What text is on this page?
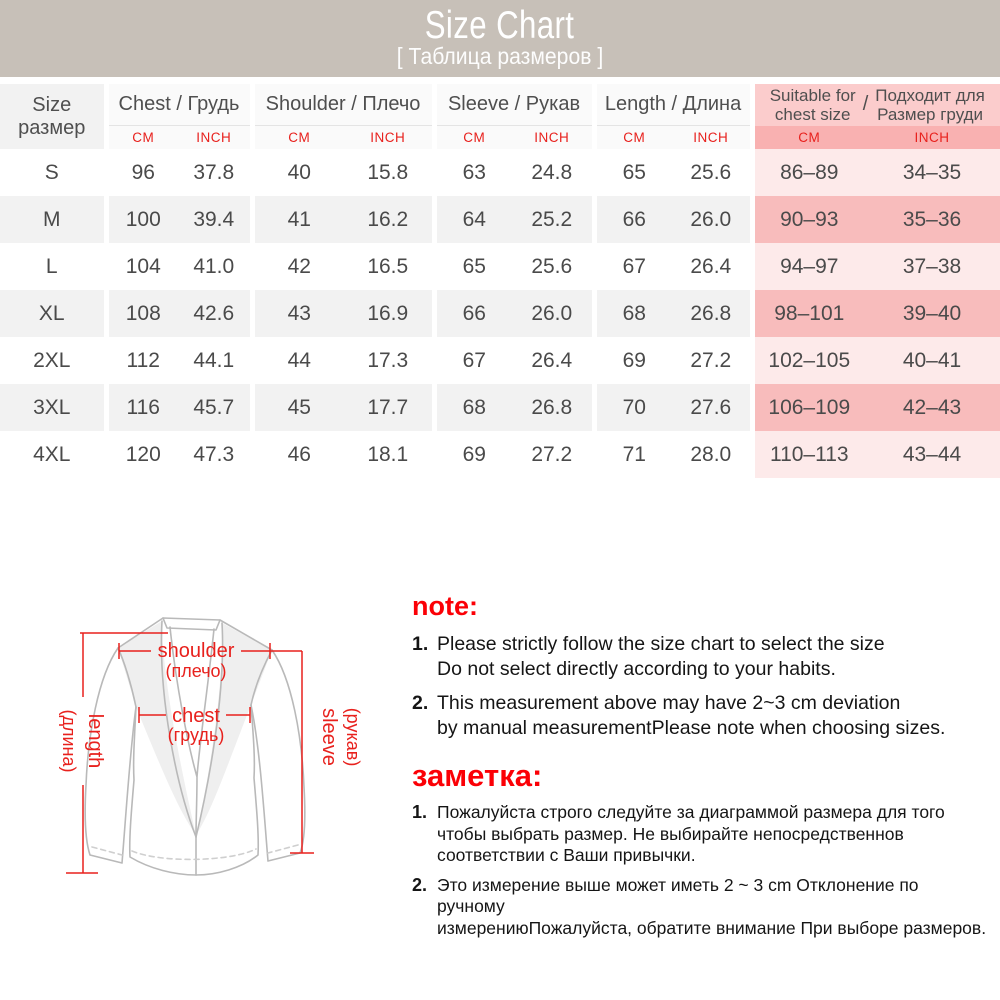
Size Chart
[ Таблица размеров ]
Size
размер
	Chest / Грудь	Shoulder / Плечо	Sleeve / Рукав	Length / Длина	Suitable for
chest size / Подходит для
Размер груди

	CM	INCH	CM	INCH	CM	INCH	CM	INCH	CM	INCH
S	96	37.8	40	15.8	63	24.8	65	25.6	86–89	34–35
M	100	39.4	41	16.2	64	25.2	66	26.0	90–93	35–36
L	104	41.0	42	16.5	65	25.6	67	26.4	94–97	37–38
XL	108	42.6	43	16.9	66	26.0	68	26.8	98–101	39–40
2XL	112	44.1	44	17.3	67	26.4	69	27.2	102–105	40–41
3XL	116	45.7	45	17.7	68	26.8	70	27.6	106–109	42–43
4XL	120	47.3	46	18.1	69	27.2	71	28.0	110–113	43–44
shoulder
(плечо)
chest
(грудь)
length
(длина)	sleeve (рукав)
note:
1. Please strictly follow the size chart to select the size
Do not select directly according to your habits.
2. This measurement above may have 2~3 cm deviation
by manual measurementPlease note when choosing sizes.
заметка:
1. Пожалуйста строго следуйте за диаграммой размера для того
чтобы выбрать размер. Не выбирайте непосредственнов
соответствии с Ваши привычки.
2. Это измерение выше может иметь 2 ~ 3 cm Отклонение по ручному
измерениюПожалуйста, обратите внимание При выборе размеров.
